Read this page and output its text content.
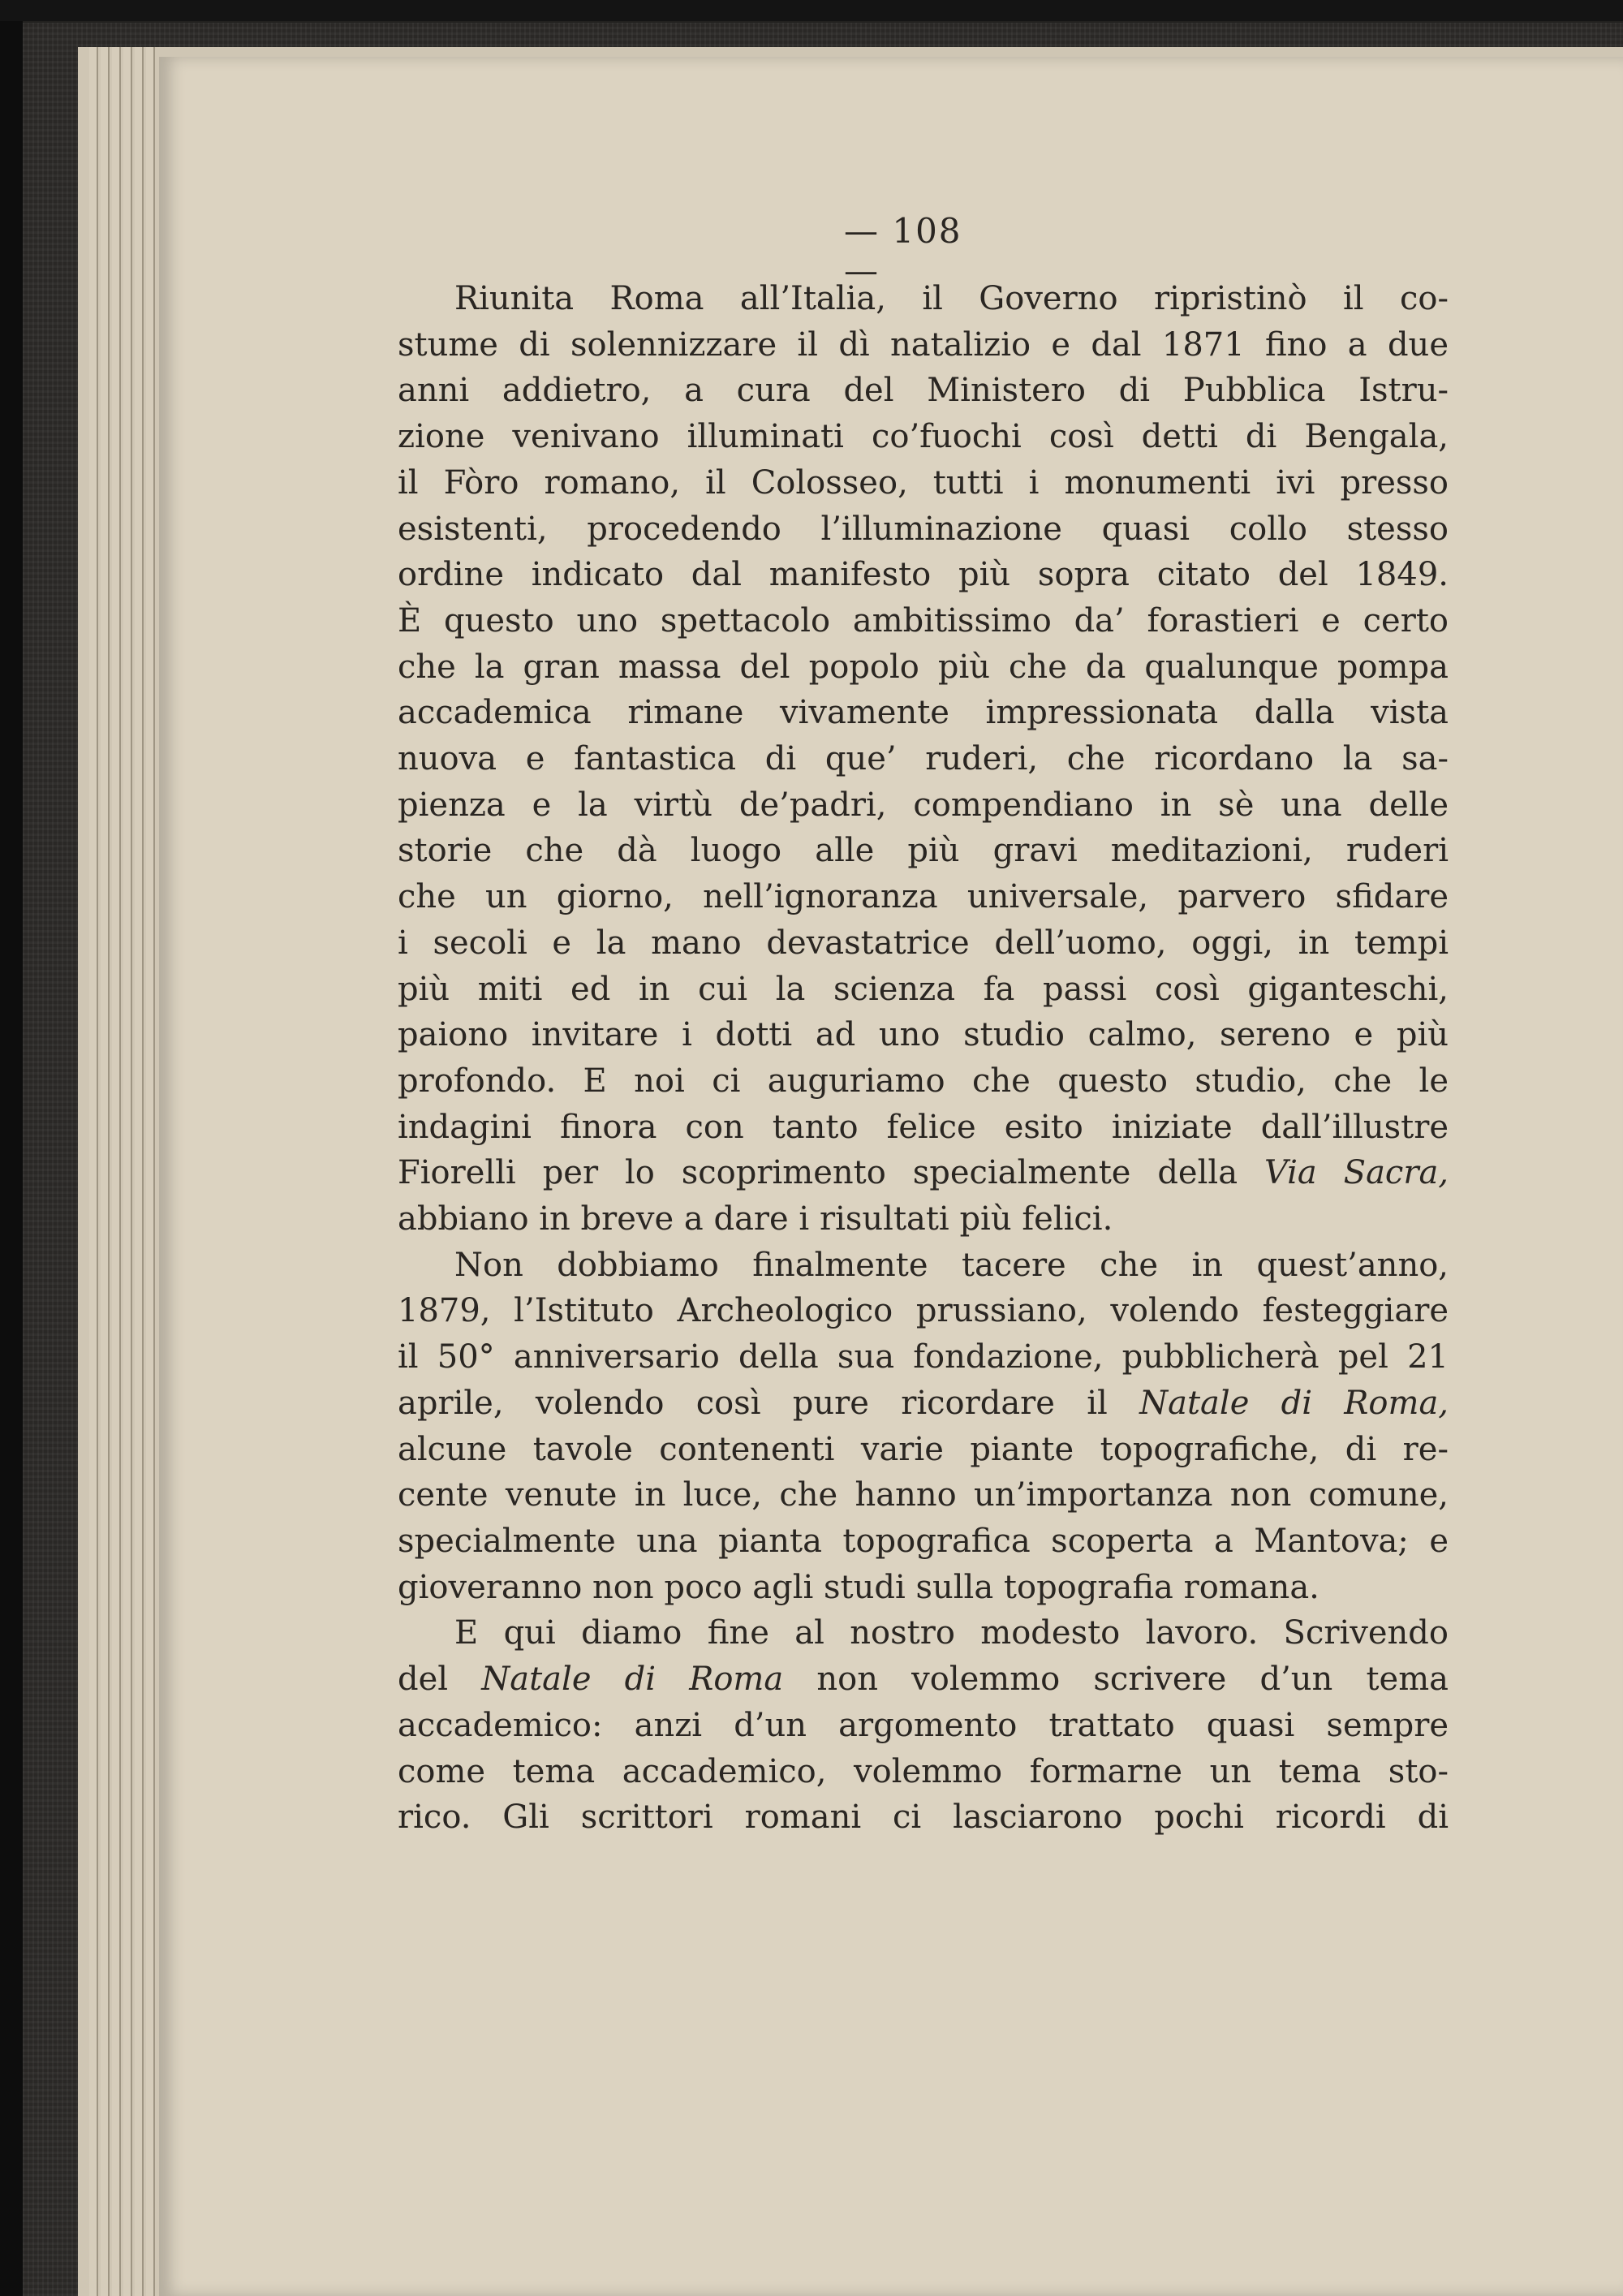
— 108 —
Riunita Roma all’Italia, il Governo ripristinò il co-
stume di solennizzare il dì natalizio e dal 1871 fino a due
anni addietro, a cura del Ministero di Pubblica Istru-
zione venivano illuminati co’fuochi così detti di Bengala,
il Fòro romano, il Colosseo, tutti i monumenti ivi presso
esistenti, procedendo l’illuminazione quasi collo stesso
ordine indicato dal manifesto più sopra citato del 1849.
È questo uno spettacolo ambitissimo da’ forastieri e certo
che la gran massa del popolo più che da qualunque pompa
accademica rimane vivamente impressionata dalla vista
nuova e fantastica di que’ ruderi, che ricordano la sa-
pienza e la virtù de’padri, compendiano in sè una delle
storie che dà luogo alle più gravi meditazioni, ruderi
che un giorno, nell’ignoranza universale, parvero sfidare
i secoli e la mano devastatrice dell’uomo, oggi, in tempi
più miti ed in cui la scienza fa passi così giganteschi,
paiono invitare i dotti ad uno studio calmo, sereno e più
profondo. E noi ci auguriamo che questo studio, che le
indagini finora con tanto felice esito iniziate dall’illustre
Fiorelli per lo scoprimento specialmente della Via Sacra,
abbiano in breve a dare i risultati più felici.
Non dobbiamo finalmente tacere che in quest’anno,
1879, l’Istituto Archeologico prussiano, volendo festeggiare
il 50° anniversario della sua fondazione, pubblicherà pel 21
aprile, volendo così pure ricordare il Natale di Roma,
alcune tavole contenenti varie piante topografiche, di re-
cente venute in luce, che hanno un’importanza non comune,
specialmente una pianta topografica scoperta a Mantova; e
gioveranno non poco agli studi sulla topografia romana.
E qui diamo fine al nostro modesto lavoro. Scrivendo
del Natale di Roma non volemmo scrivere d’un tema
accademico: anzi d’un argomento trattato quasi sempre
come tema accademico, volemmo formarne un tema sto-
rico. Gli scrittori romani ci lasciarono pochi ricordi di
